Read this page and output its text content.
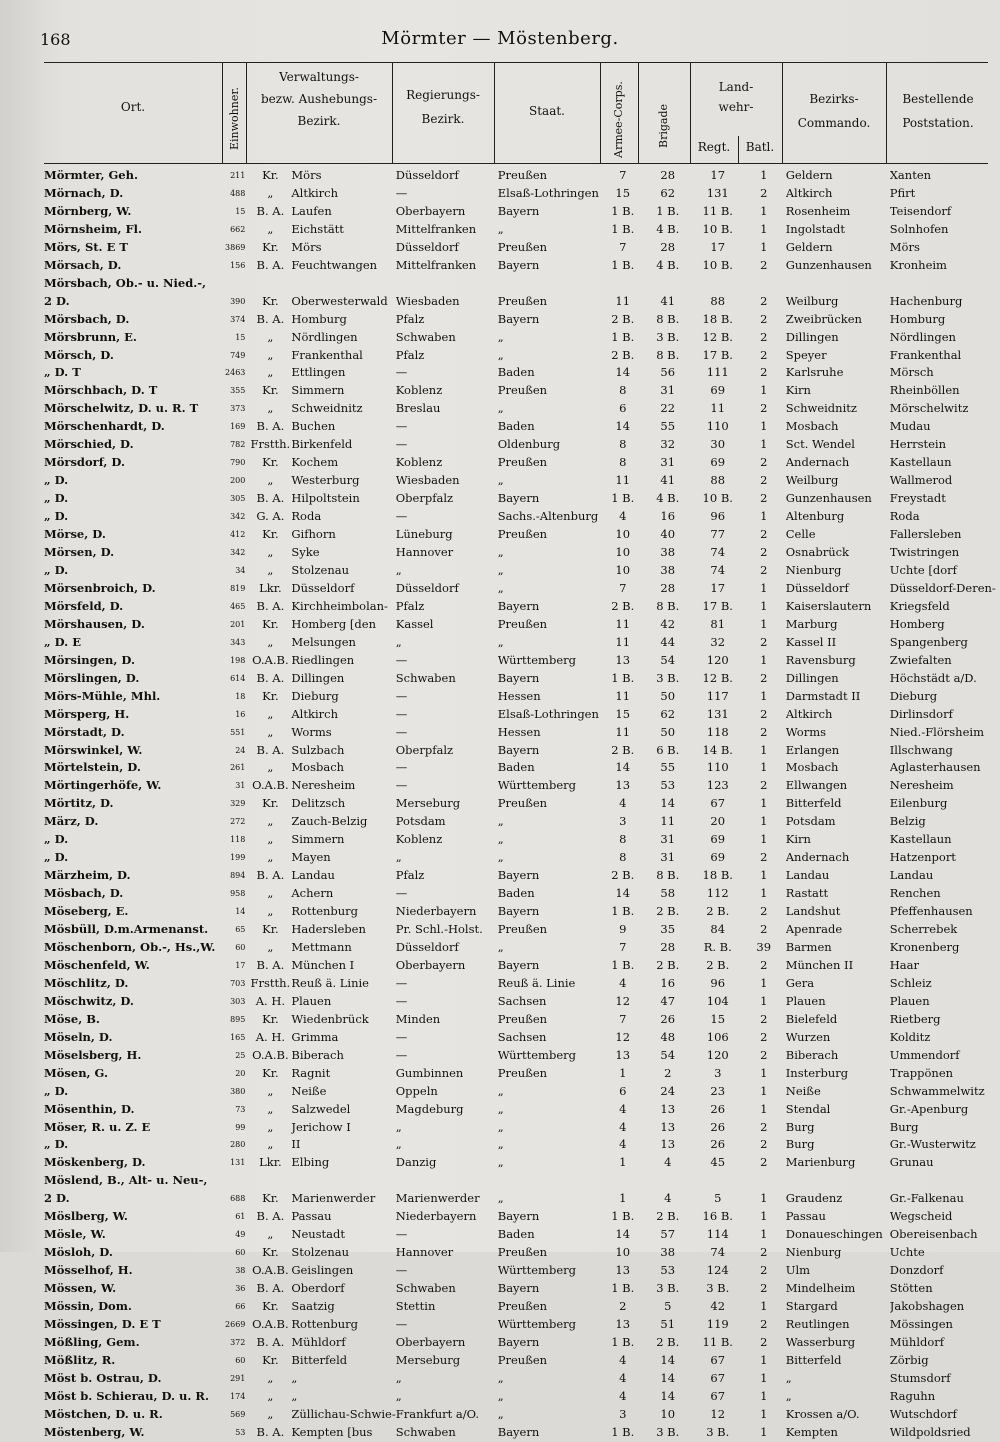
168	Mörmter — Möstenberg.
Ort.	Einwohner.
Verwaltungs-
bezw. Aushebungs-
Bezirk.
Regierungs-
Bezirk.
Staat.	Armee-Corps.	Brigade
Land-
wehr-
Regt.	Batl.
Bezirks-
Commando.
Bestellende
Poststation.
Mörmter, Geh.	211	Kr.	Mörs	Düsseldorf	Preußen	7	28	17	1	Geldern	Xanten
Mörnach, D.	488	„	Altkirch	—	Elsaß-Lothringen	15	62	131	2	Altkirch	Pfirt
Mörnberg, W.	15	B. A.	Laufen	Oberbayern	Bayern	1 B.	1 B.	11 B.	1	Rosenheim	Teisendorf
Mörnsheim, Fl.	662	„	Eichstätt	Mittelfranken	„	1 B.	4 B.	10 B.	1	Ingolstadt	Solnhofen
Mörs, St. E T	3869	Kr.	Mörs	Düsseldorf	Preußen	7	28	17	1	Geldern	Mörs
Mörsach, D.	156	B. A.	Feuchtwangen	Mittelfranken	Bayern	1 B.	4 B.	10 B.	2	Gunzenhausen	Kronheim
Mörsbach, Ob.- u. Nied.-,											
2 D.	390	Kr.	Oberwesterwald	Wiesbaden	Preußen	11	41	88	2	Weilburg	Hachenburg
Mörsbach, D.	374	B. A.	Homburg	Pfalz	Bayern	2 B.	8 B.	18 B.	2	Zweibrücken	Homburg
Mörsbrunn, E.	15	„	Nördlingen	Schwaben	„	1 B.	3 B.	12 B.	2	Dillingen	Nördlingen
Mörsch, D.	749	„	Frankenthal	Pfalz	„	2 B.	8 B.	17 B.	2	Speyer	Frankenthal
„ D. T	2463	„	Ettlingen	—	Baden	14	56	111	2	Karlsruhe	Mörsch
Mörschbach, D. T	355	Kr.	Simmern	Koblenz	Preußen	8	31	69	1	Kirn	Rheinböllen
Mörschelwitz, D. u. R. T	373	„	Schweidnitz	Breslau	„	6	22	11	2	Schweidnitz	Mörschelwitz
Mörschenhardt, D.	169	B. A.	Buchen	—	Baden	14	55	110	1	Mosbach	Mudau
Mörschied, D.	782	Frstth.	Birkenfeld	—	Oldenburg	8	32	30	1	Sct. Wendel	Herrstein
Mörsdorf, D.	790	Kr.	Kochem	Koblenz	Preußen	8	31	69	2	Andernach	Kastellaun
„ D.	200	„	Westerburg	Wiesbaden	„	11	41	88	2	Weilburg	Wallmerod
„ D.	305	B. A.	Hilpoltstein	Oberpfalz	Bayern	1 B.	4 B.	10 B.	2	Gunzenhausen	Freystadt
„ D.	342	G. A.	Roda	—	Sachs.-Altenburg	4	16	96	1	Altenburg	Roda
Mörse, D.	412	Kr.	Gifhorn	Lüneburg	Preußen	10	40	77	2	Celle	Fallersleben
Mörsen, D.	342	„	Syke	Hannover	„	10	38	74	2	Osnabrück	Twistringen
„ D.	34	„	Stolzenau	„	„	10	38	74	2	Nienburg	Uchte [dorf
Mörsenbroich, D.	819	Lkr.	Düsseldorf	Düsseldorf	„	7	28	17	1	Düsseldorf	Düsseldorf-Deren-
Mörsfeld, D.	465	B. A.	Kirchheimbolan-	Pfalz	Bayern	2 B.	8 B.	17 B.	1	Kaiserslautern	Kriegsfeld
Mörshausen, D.	201	Kr.	Homberg [den	Kassel	Preußen	11	42	81	1	Marburg	Homberg
„ D. E	343	„	Melsungen	„	„	11	44	32	2	Kassel II	Spangenberg
Mörsingen, D.	198	O.A.B.	Riedlingen	—	Württemberg	13	54	120	1	Ravensburg	Zwiefalten
Mörslingen, D.	614	B. A.	Dillingen	Schwaben	Bayern	1 B.	3 B.	12 B.	2	Dillingen	Höchstädt a/D.
Mörs-Mühle, Mhl.	18	Kr.	Dieburg	—	Hessen	11	50	117	1	Darmstadt II	Dieburg
Mörsperg, H.	16	„	Altkirch	—	Elsaß-Lothringen	15	62	131	2	Altkirch	Dirlinsdorf
Mörstadt, D.	551	„	Worms	—	Hessen	11	50	118	2	Worms	Nied.-Flörsheim
Mörswinkel, W.	24	B. A.	Sulzbach	Oberpfalz	Bayern	2 B.	6 B.	14 B.	1	Erlangen	Illschwang
Mörtelstein, D.	261	„	Mosbach	—	Baden	14	55	110	1	Mosbach	Aglasterhausen
Mörtingerhöfe, W.	31	O.A.B.	Neresheim	—	Württemberg	13	53	123	2	Ellwangen	Neresheim
Mörtitz, D.	329	Kr.	Delitzsch	Merseburg	Preußen	4	14	67	1	Bitterfeld	Eilenburg
März, D.	272	„	Zauch-Belzig	Potsdam	„	3	11	20	1	Potsdam	Belzig
„ D.	118	„	Simmern	Koblenz	„	8	31	69	1	Kirn	Kastellaun
„ D.	199	„	Mayen	„	„	8	31	69	2	Andernach	Hatzenport
Märzheim, D.	894	B. A.	Landau	Pfalz	Bayern	2 B.	8 B.	18 B.	1	Landau	Landau
Mösbach, D.	958	„	Achern	—	Baden	14	58	112	1	Rastatt	Renchen
Möseberg, E.	14	„	Rottenburg	Niederbayern	Bayern	1 B.	2 B.	2 B.	2	Landshut	Pfeffenhausen
Mösbüll, D.m.Armenanst.	65	Kr.	Hadersleben	Pr. Schl.-Holst.	Preußen	9	35	84	2	Apenrade	Scherrebek
Möschenborn, Ob.-, Hs.,W.	60	„	Mettmann	Düsseldorf	„	7	28	R. B.	39	Barmen	Kronenberg
Möschenfeld, W.	17	B. A.	München I	Oberbayern	Bayern	1 B.	2 B.	2 B.	2	München II	Haar
Möschlitz, D.	703	Frstth.	Reuß ä. Linie	—	Reuß ä. Linie	4	16	96	1	Gera	Schleiz
Möschwitz, D.	303	A. H.	Plauen	—	Sachsen	12	47	104	1	Plauen	Plauen
Möse, B.	895	Kr.	Wiedenbrück	Minden	Preußen	7	26	15	2	Bielefeld	Rietberg
Möseln, D.	165	A. H.	Grimma	—	Sachsen	12	48	106	2	Wurzen	Kolditz
Möselsberg, H.	25	O.A.B.	Biberach	—	Württemberg	13	54	120	2	Biberach	Ummendorf
Mösen, G.	20	Kr.	Ragnit	Gumbinnen	Preußen	1	2	3	1	Insterburg	Trappönen
„ D.	380	„	Neiße	Oppeln	„	6	24	23	1	Neiße	Schwammelwitz
Mösenthin, D.	73	„	Salzwedel	Magdeburg	„	4	13	26	1	Stendal	Gr.-Apenburg
Möser, R. u. Z. E	99	„	Jerichow I	„	„	4	13	26	2	Burg	Burg
„ D.	280	„	II	„	„	4	13	26	2	Burg	Gr.-Wusterwitz
Möskenberg, D.	131	Lkr.	Elbing	Danzig	„	1	4	45	2	Marienburg	Grunau
Möslend, B., Alt- u. Neu-,											
2 D.	688	Kr.	Marienwerder	Marienwerder	„	1	4	5	1	Graudenz	Gr.-Falkenau
Möslberg, W.	61	B. A.	Passau	Niederbayern	Bayern	1 B.	2 B.	16 B.	1	Passau	Wegscheid
Mösle, W.	49	„	Neustadt	—	Baden	14	57	114	1	Donaueschingen	Obereisenbach
Mösloh, D.	60	Kr.	Stolzenau	Hannover	Preußen	10	38	74	2	Nienburg	Uchte
Mösselhof, H.	38	O.A.B.	Geislingen	—	Württemberg	13	53	124	2	Ulm	Donzdorf
Mössen, W.	36	B. A.	Oberdorf	Schwaben	Bayern	1 B.	3 B.	3 B.	2	Mindelheim	Stötten
Mössin, Dom.	66	Kr.	Saatzig	Stettin	Preußen	2	5	42	1	Stargard	Jakobshagen
Mössingen, D. E T	2669	O.A.B.	Rottenburg	—	Württemberg	13	51	119	2	Reutlingen	Mössingen
Mößling, Gem.	372	B. A.	Mühldorf	Oberbayern	Bayern	1 B.	2 B.	11 B.	2	Wasserburg	Mühldorf
Mößlitz, R.	60	Kr.	Bitterfeld	Merseburg	Preußen	4	14	67	1	Bitterfeld	Zörbig
Möst b. Ostrau, D.	291	„	„	„	„	4	14	67	1	„	Stumsdorf
Möst b. Schierau, D. u. R.	174	„	„	„	„	4	14	67	1	„	Raguhn
Möstchen, D. u. R.	569	„	Züllichau-Schwie-	Frankfurt a/O.	„	3	10	12	1	Krossen a/O.	Wutschdorf
Möstenberg, W.	53	B. A.	Kempten [bus	Schwaben	Bayern	1 B.	3 B.	3 B.	1	Kempten	Wildpoldsried
